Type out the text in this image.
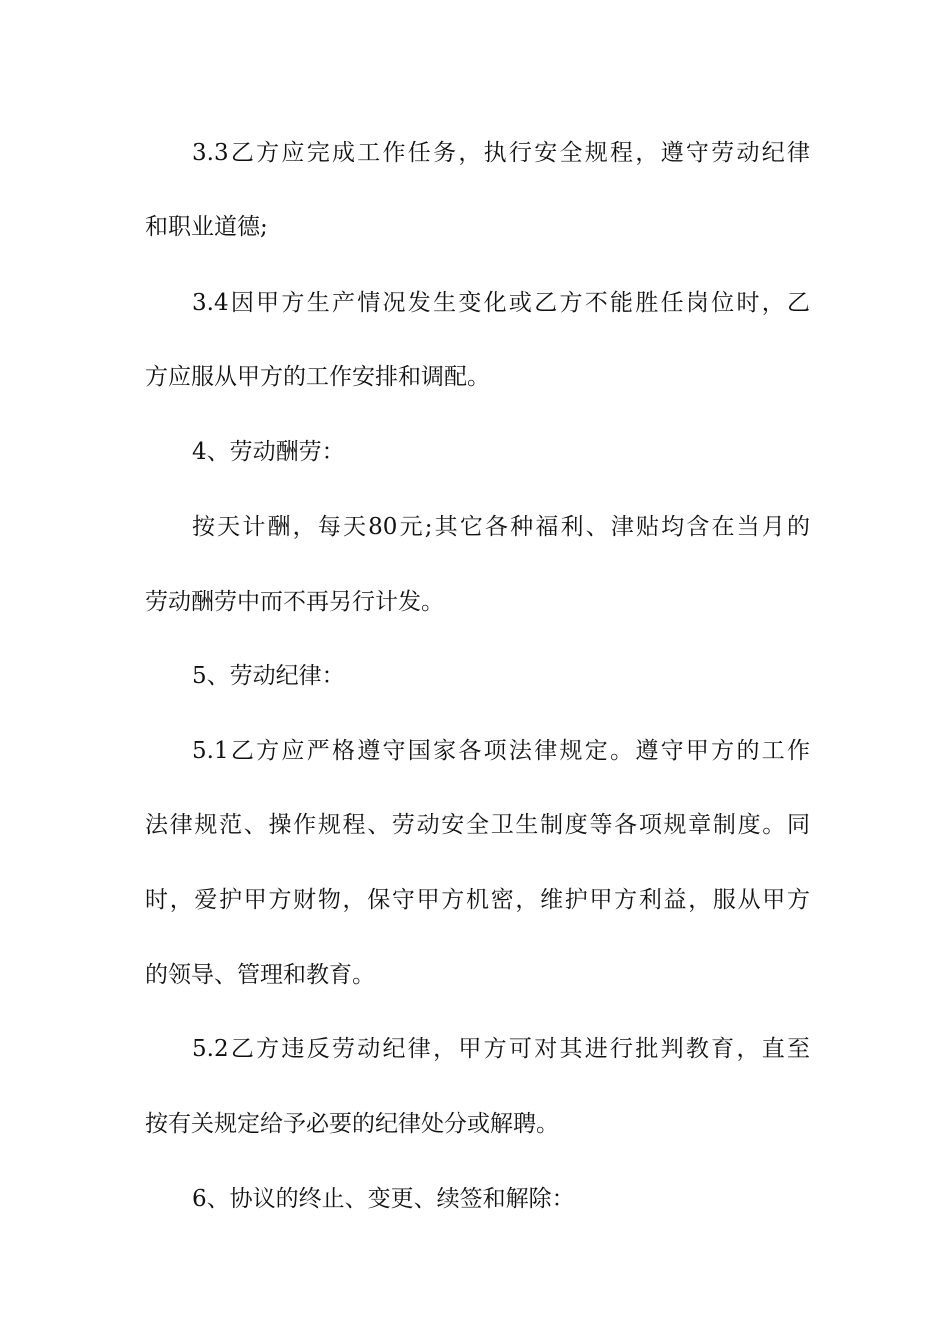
3.3乙方应完成工作任务，执行安全规程，遵守劳动纪律
和职业道德;
3.4因甲方生产情况发生变化或乙方不能胜任岗位时，乙
方应服从甲方的工作安排和调配。
4、劳动酬劳：
按天计酬，每天80元;其它各种福利、津贴均含在当月的
劳动酬劳中而不再另行计发。
5、劳动纪律：
5.1乙方应严格遵守国家各项法律规定。遵守甲方的工作
法律规范、操作规程、劳动安全卫生制度等各项规章制度。同
时，爱护甲方财物，保守甲方机密，维护甲方利益，服从甲方
的领导、管理和教育。
5.2乙方违反劳动纪律，甲方可对其进行批判教育，直至
按有关规定给予必要的纪律处分或解聘。
6、协议的终止、变更、续签和解除：
